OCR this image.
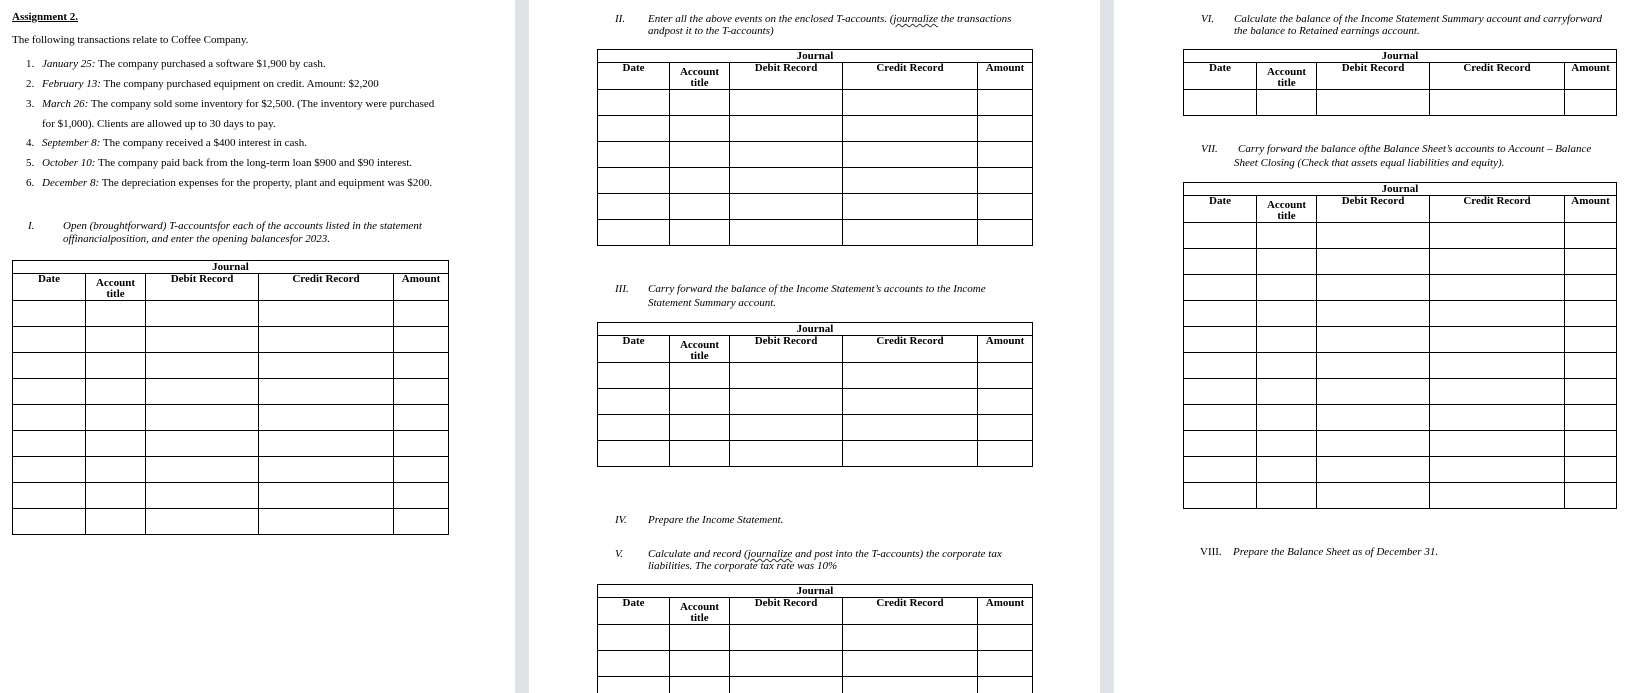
Assignment 2.
The following transactions relate to Coffee Company.
1. January 25: The company purchased a software $1,900 by cash.
2. February 13: The company purchased equipment on credit. Amount: $2,200
3. March 26: The company sold some inventory for $2,500. (The inventory were purchased
for $1,000). Clients are allowed up to 30 days to pay.
4. September 8: The company received a $400 interest in cash.
5. October 10: The company paid back from the long-term loan $900 and $90 interest.
6. December 8: The depreciation expenses for the property, plant and equipment was $200.
I.	Open (broughtforward) T-accountsfor each of the accounts listed in the statement
offinancialposition, and enter the opening balancesfor 2023.
Journal				
Date	Account title	Debit Record	Credit Record	Amount

II. Enter all the above events on the enclosed T-accounts. (journalize the transactions
andpost it to the T-accounts)
Journal				
Date	Account title	Debit Record	Credit Record	Amount

III. Carry forward the balance of the Income Statement’s accounts to the Income
Statement Summary account.
Journal				
Date	Account title	Debit Record	Credit Record	Amount

IV. Prepare the Income Statement.
V. Calculate and record (journalize and post into the T-accounts) the corporate tax
liabilities. The corporate tax rate was 10%
Journal				
Date	Account title	Debit Record	Credit Record	Amount

VI. Calculate the balance of the Income Statement Summary account and carryforward
the balance to Retained earnings account.
Journal				
Date	Account title	Debit Record	Credit Record	Amount

VII. Carry forward the balance ofthe Balance Sheet’s accounts to Account – Balance
Sheet Closing (Check that assets equal liabilities and equity).
Journal				
Date	Account title	Debit Record	Credit Record	Amount

VIII. Prepare the Balance Sheet as of December 31.
